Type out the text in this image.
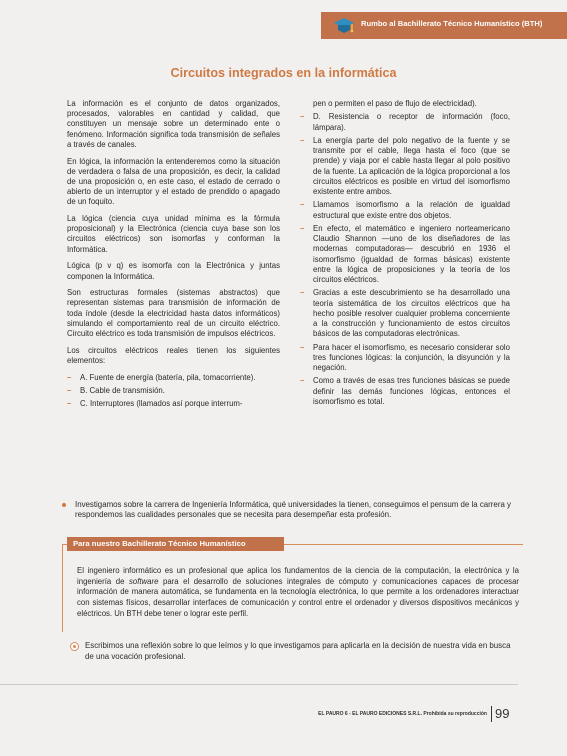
Rumbo al Bachillerato Técnico Humanístico (BTH)
Circuitos integrados en la informática

La información es el conjunto de datos organizados, procesados, valorables en cantidad y calidad, que constituyen un mensaje sobre un determinado ente o fenómeno. Información significa toda transmisión de señales a través de canales.

En lógica, la información la entenderemos como la situación de verdadera o falsa de una proposición, es decir, la calidad de una proposición o, en este caso, el estado de cerrado o abierto de un interruptor y el estado de prendido o apagado de un foquito.

La lógica (ciencia cuya unidad mínima es la fórmula proposicional) y la Electrónica (ciencia cuya base son los circuitos eléctricos) son isomorfas y conforman la Informática.

Lógica (p v q) es isomorfa con la Electrónica y juntas componen la Informática.

Son estructuras formales (sistemas abstractos) que representan sistemas para transmisión de información de toda índole (desde la electricidad hasta datos informáticos) simulando el comportamiento real de un circuito eléctrico. Circuito eléctrico es toda transmisión de impulsos eléctricos.

Los circuitos eléctricos reales tienen los siguientes elementos:

– A. Fuente de energía (batería, pila, tomacorriente).
– B. Cable de transmisión.
– C. Interruptores (llamados así porque interrum-
pen o permiten el paso de flujo de electricidad).
– D. Resistencia o receptor de información (foco, lámpara).
– La energía parte del polo negativo de la fuente y se transmite por el cable, llega hasta el foco (que se prende) y viaja por el cable hasta llegar al polo positivo de la fuente. La aplicación de la lógica proporcional a los circuitos eléctricos es posible en virtud del isomorfismo existente entre ambos.
– Llamamos isomorfismo a la relación de igualdad estructural que existe entre dos objetos.
– En efecto, el matemático e ingeniero norteamericano Claudio Shannon —uno de los diseñadores de las modernas computadoras— descubrió en 1936 el isomorfismo (igualdad de formas básicas) existente entre la lógica de proposiciones y la teoría de los circuitos eléctricos.
– Gracias a este descubrimiento se ha desarrollado una teoría sistemática de los circuitos eléctricos que ha hecho posible resolver cualquier problema concerniente a la construcción y funcionamiento de estos circuitos básicos de las computadoras electrónicas.
– Para hacer el isomorfismo, es necesario considerar solo tres funciones lógicas: la conjunción, la disyunción y la negación.
– Como a través de esas tres funciones básicas se puede definir las demás funciones lógicas, entonces el isomorfismo es total.
Investigamos sobre la carrera de Ingeniería Informática, qué universidades la tienen, conseguimos el pensum de la carrera y respondemos las cualidades personales que se necesita para desempeñar esta profesión.
Para nuestro Bachillerato Técnico Humanístico
El ingeniero informático es un profesional que aplica los fundamentos de la ciencia de la computación, la electrónica y la ingeniería de software para el desarrollo de soluciones integrales de cómputo y comunicaciones capaces de procesar información de manera automática, se fundamenta en la tecnología electrónica, lo que permite a los ordenadores interactuar con sistemas físicos, desarrollar interfaces de comunicación y control entre el ordenador y diversos dispositivos mecánicos y eléctricos. Un BTH debe tener o lograr este perfil.
Escribimos una reflexión sobre lo que leímos y lo que investigamos para aplicarla en la decisión de nuestra vida en busca de una vocación profesional.
EL PAURO 6 - EL PAURO EDICIONES S.R.L. Prohibida su reproducción 99
